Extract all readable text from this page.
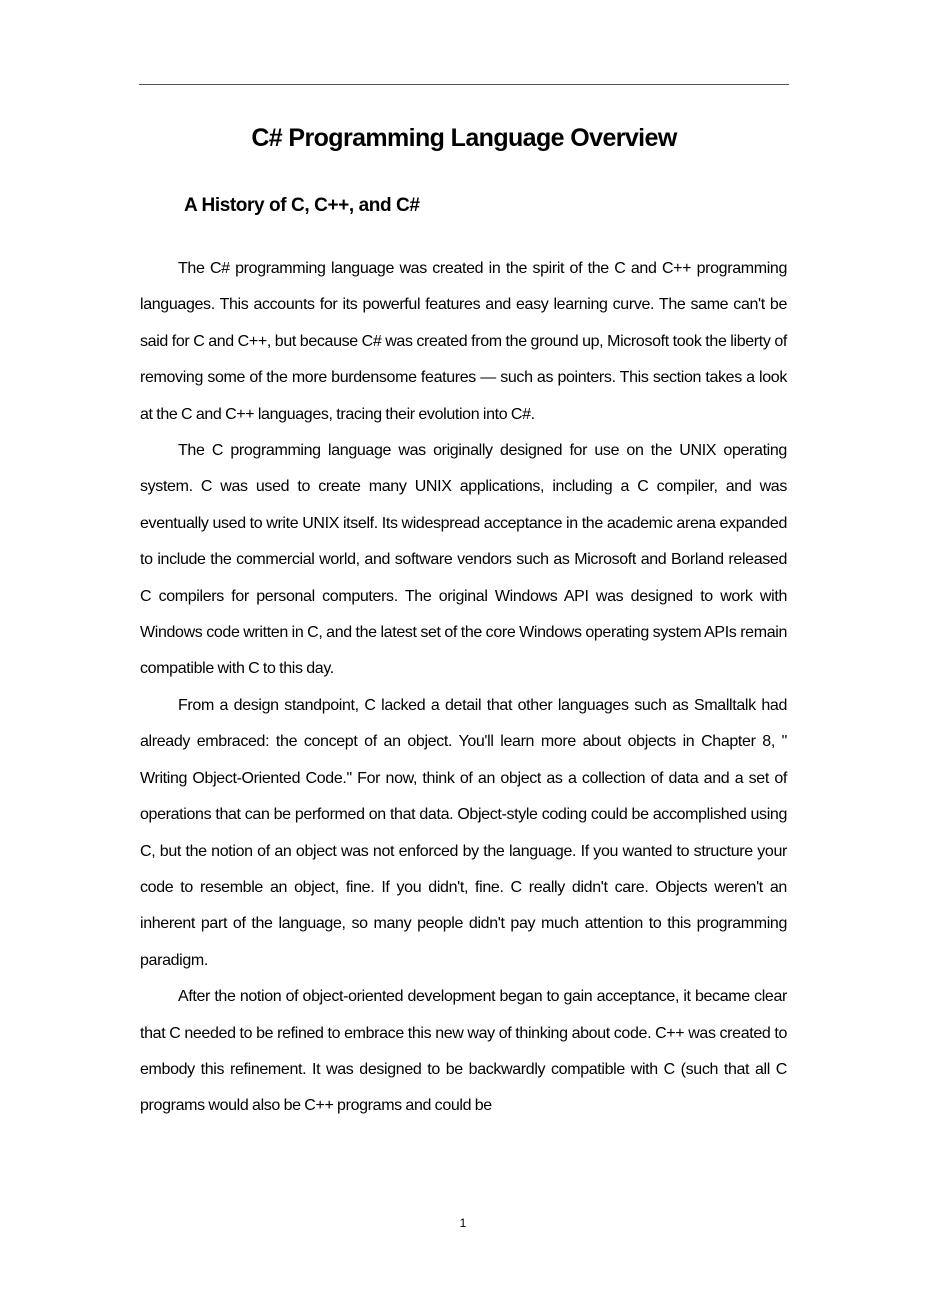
C# Programming Language Overview
A History of C, C++, and C#

The C# programming language was created in the spirit of the C and C++ programming languages. This accounts for its powerful features and easy learning curve. The same can't be said for C and C++, but because C# was created from the ground up, Microsoft took the liberty of removing some of the more burdensome features — such as pointers. This section takes a look at the C and C++ languages, tracing their evolution into C#.

The C programming language was originally designed for use on the UNIX operating system. C was used to create many UNIX applications, including a C compiler, and was eventually used to write UNIX itself. Its widespread acceptance in the academic arena expanded to include the commercial world, and software vendors such as Microsoft and Borland released C compilers for personal computers. The original Windows API was designed to work with Windows code written in C, and the latest set of the core Windows operating system APIs remain compatible with C to this day.

From a design standpoint, C lacked a detail that other languages such as Smalltalk had already embraced: the concept of an object. You'll learn more about objects in Chapter 8, " Writing Object-Oriented Code." For now, think of an object as a collection of data and a set of operations that can be performed on that data. Object-style coding could be accomplished using C, but the notion of an object was not enforced by the language. If you wanted to structure your code to resemble an object, fine. If you didn't, fine. C really didn't care. Objects weren't an inherent part of the language, so many people didn't pay much attention to this programming paradigm.

After the notion of object-oriented development began to gain acceptance, it became clear that C needed to be refined to embrace this new way of thinking about code. C++ was created to embody this refinement. It was designed to be backwardly compatible with C (such that all C programs would also be C++ programs and could be

1
